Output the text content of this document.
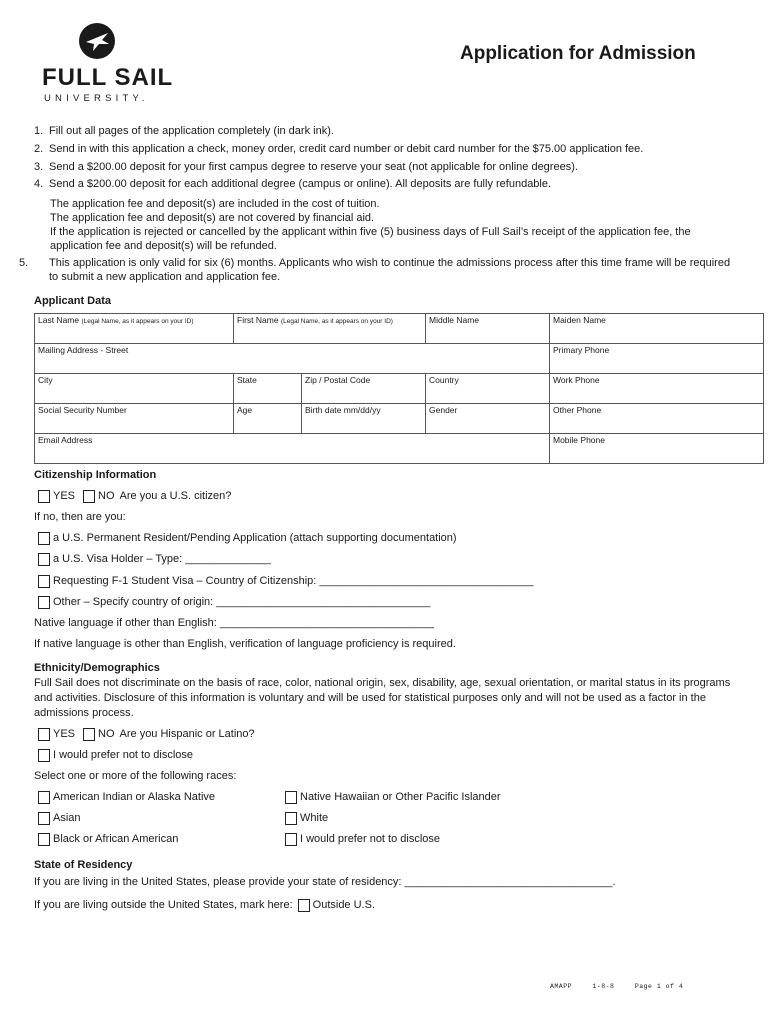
FULL SAIL
UNIVERSITY.
Application for Admission
1. Fill out all pages of the application completely (in dark ink).
2. Send in with this application a check, money order, credit card number or debit card number for the $75.00 application fee.
3. Send a $200.00 deposit for your first campus degree to reserve your seat (not applicable for online degrees).
4. Send a $200.00 deposit for each additional degree (campus or online). All deposits are fully refundable.
The application fee and deposit(s) are included in the cost of tuition.
The application fee and deposit(s) are not covered by financial aid.
If the application is rejected or cancelled by the applicant within five (5) business days of Full Sail’s receipt of the application fee, the application fee and deposit(s) will be refunded.
5. This application is only valid for six (6) months. Applicants who wish to continue the admissions process after this time frame will be required to submit a new application and application fee.
Applicant Data
Last Name (Legal Name, as it appears on your ID)	First Name (Legal Name, as it appears on your ID)		Middle Name	Maiden Name
Mailing Address - Street				Primary Phone
City	State	Zip / Postal Code	Country	Work Phone
Social Security Number	Age	Birth date mm/dd/yy	Gender	Other Phone
Email Address				Mobile Phone
Citizenship Information
YES NO Are you a U.S. citizen?
If no, then are you:
a U.S. Permanent Resident/Pending Application (attach supporting documentation)
a U.S. Visa Holder – Type: ______________
Requesting F-1 Student Visa – Country of Citizenship: ___________________________________
Other – Specify country of origin: ___________________________________
Native language if other than English: ___________________________________
If native language is other than English, verification of language proficiency is required.
Ethnicity/Demographics
Full Sail does not discriminate on the basis of race, color, national origin, sex, disability, age, sexual orientation, or marital status in its programs and activities. Disclosure of this information is voluntary and will be used for statistical purposes only and will not be used as a factor in the admissions process.
YES NO Are you Hispanic or Latino?
I would prefer not to disclose
Select one or more of the following races:
American Indian or Alaska Native
Asian
Black or African American
Native Hawaiian or Other Pacific Islander
White
I would prefer not to disclose
State of Residency
If you are living in the United States, please provide your state of residency: __________________________________.
If you are living outside the United States, mark here: Outside U.S.
AMAPP	1-8-8	Page 1 of 4
